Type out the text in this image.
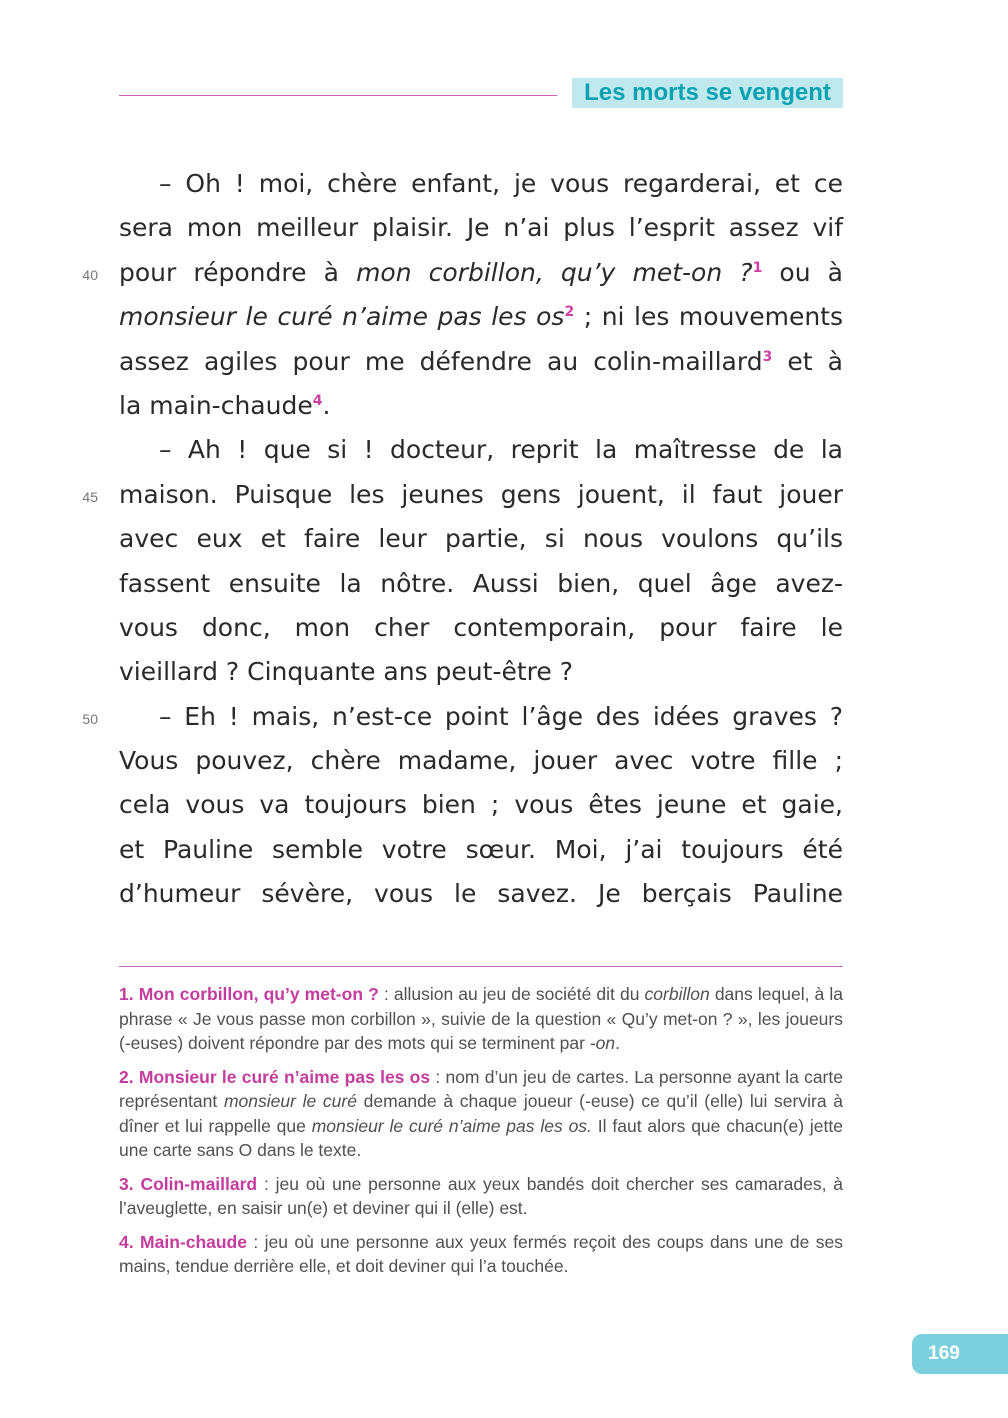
Les morts se vengent
40
45
50
– Oh ! moi, chère enfant, je vous regarderai, et ce
sera mon meilleur plaisir. Je n’ai plus l’esprit assez vif
pour répondre à mon corbillon, qu’y met-on ?$^1$ ou à
monsieur le curé n’aime pas les os$^2$ ; ni les mouvements
assez agiles pour me défendre au colin-maillard$^3$ et à
la main-chaude$^4$.
– Ah ! que si ! docteur, reprit la maîtresse de la
maison. Puisque les jeunes gens jouent, il faut jouer
avec eux et faire leur partie, si nous voulons qu’ils
fassent ensuite la nôtre. Aussi bien, quel âge avez-
vous donc, mon cher contemporain, pour faire le
vieillard ? Cinquante ans peut-être ?
– Eh ! mais, n’est-ce point l’âge des idées graves ?
Vous pouvez, chère madame, jouer avec votre fille ;
cela vous va toujours bien ; vous êtes jeune et gaie,
et Pauline semble votre sœur. Moi, j’ai toujours été
d’humeur sévère, vous le savez. Je berçais Pauline
1. Mon corbillon, qu’y met-on ? : allusion au jeu de société dit du corbillon dans lequel, à la phrase « Je vous passe mon corbillon », suivie de la question « Qu’y met-on ? », les joueurs (-euses) doivent répondre par des mots qui se terminent par -on.
2. Monsieur le curé n’aime pas les os : nom d’un jeu de cartes. La personne ayant la carte représentant monsieur le curé demande à chaque joueur (-euse) ce qu’il (elle) lui servira à dîner et lui rappelle que monsieur le curé n’aime pas les os. Il faut alors que chacun(e) jette une carte sans O dans le texte.
3. Colin-maillard : jeu où une personne aux yeux bandés doit chercher ses camarades, à l’aveuglette, en saisir un(e) et deviner qui il (elle) est.
4. Main-chaude : jeu où une personne aux yeux fermés reçoit des coups dans une de ses mains, tendue derrière elle, et doit deviner qui l’a touchée.
169
